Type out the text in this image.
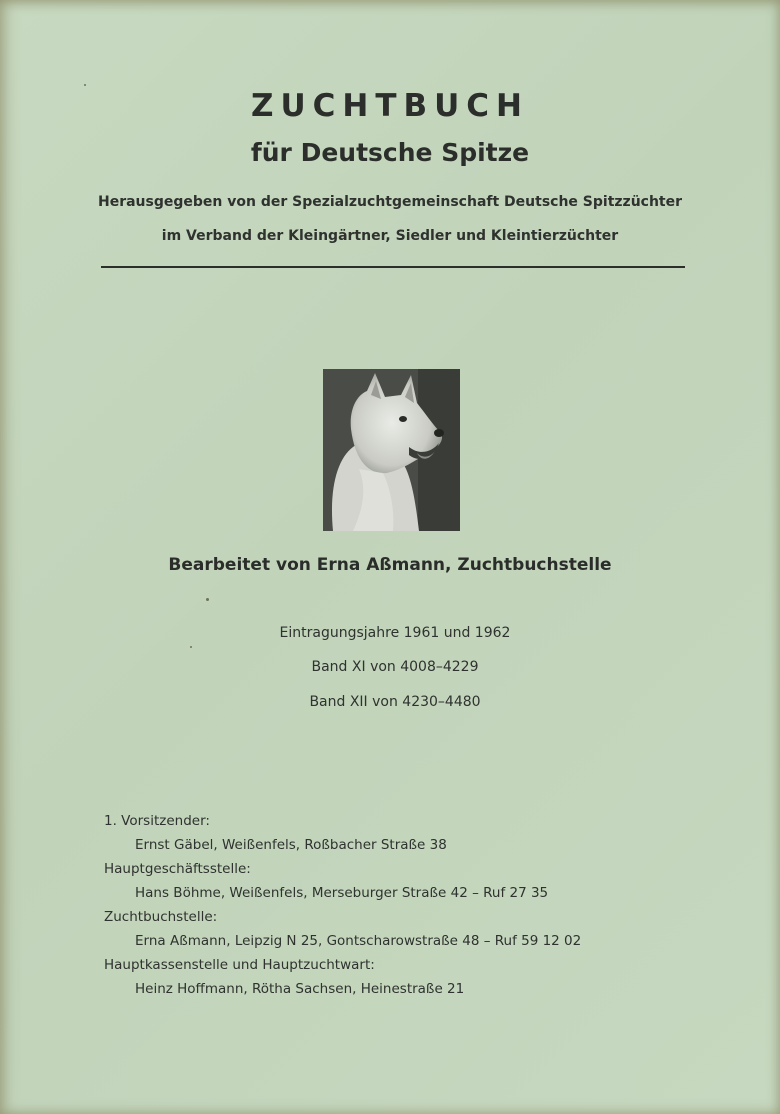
ZUCHTBUCH
für Deutsche Spitze
Herausgegeben von der Spezialzuchtgemeinschaft Deutsche Spitzzüchter
im Verband der Kleingärtner, Siedler und Kleintierzüchter
Bearbeitet von Erna Aßmann, Zuchtbuchstelle
Eintragungsjahre 1961 und 1962
Band XI von 4008–4229
Band XII von 4230–4480
1. Vorsitzender:
Ernst Gäbel, Weißenfels, Roßbacher Straße 38
Hauptgeschäftsstelle:
Hans Böhme, Weißenfels, Merseburger Straße 42 – Ruf 27 35
Zuchtbuchstelle:
Erna Aßmann, Leipzig N 25, Gontscharowstraße 48 – Ruf 59 12 02
Hauptkassenstelle und Hauptzuchtwart:
Heinz Hoffmann, Rötha Sachsen, Heinestraße 21
